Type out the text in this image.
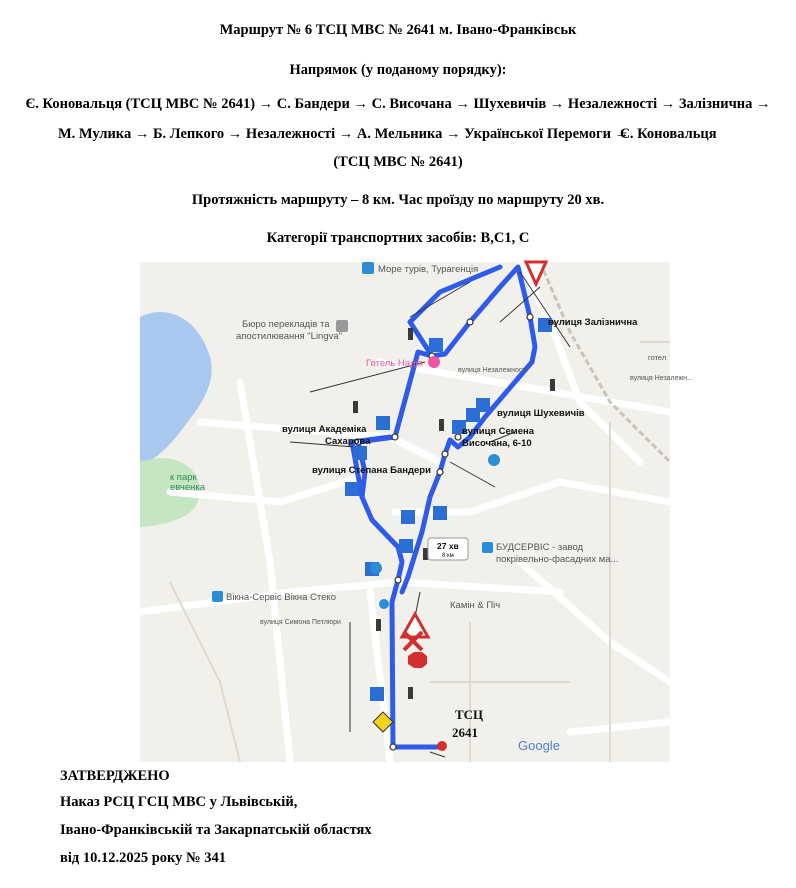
Маршрут № 6 ТСЦ МВС № 2641 м. Івано-Франківськ
Напрямок (у поданому порядку):
Є. Коновальця (ТСЦ МВС № 2641) → С. Бандери → С. Височана → Шухевичів → Незалежності → Залізнична →
М. Мулика → Б. Лепкого → Незалежності → А. Мельника → Української Перемоги →
Є. Коновальця
(ТСЦ МВС № 2641)
Протяжність маршруту – 8 км. Час проїзду по маршруту 20 хв.
Категорії транспортних засобів: В,С1, С
Море турів, Турагенція
Бюро перекладів та
апостилювання "Lingva"
Готель Надія
вулиця Незалежності
вулиця Незалежн...
готел
к парк
евченка
БУДСЕРВІС - завод
покрівельно-фасадних ма...
Вікна-Сервіс Вікна Стеко
Камін & Піч
вулиця Симона Петлюри
Google
вулиця Залізнична
вулиця Шухевичів
вулиця Академіка
Сахарова
вулиця Семена
Височана, 6-10
вулиця Степана Бандери
27 хв
8 км
ТСЦ
2641
ЗАТВЕРДЖЕНО
Наказ РСЦ ГСЦ МВС у Львівській,
Івано-Франківській та Закарпатській областях
від 10.12.2025 року № 341
